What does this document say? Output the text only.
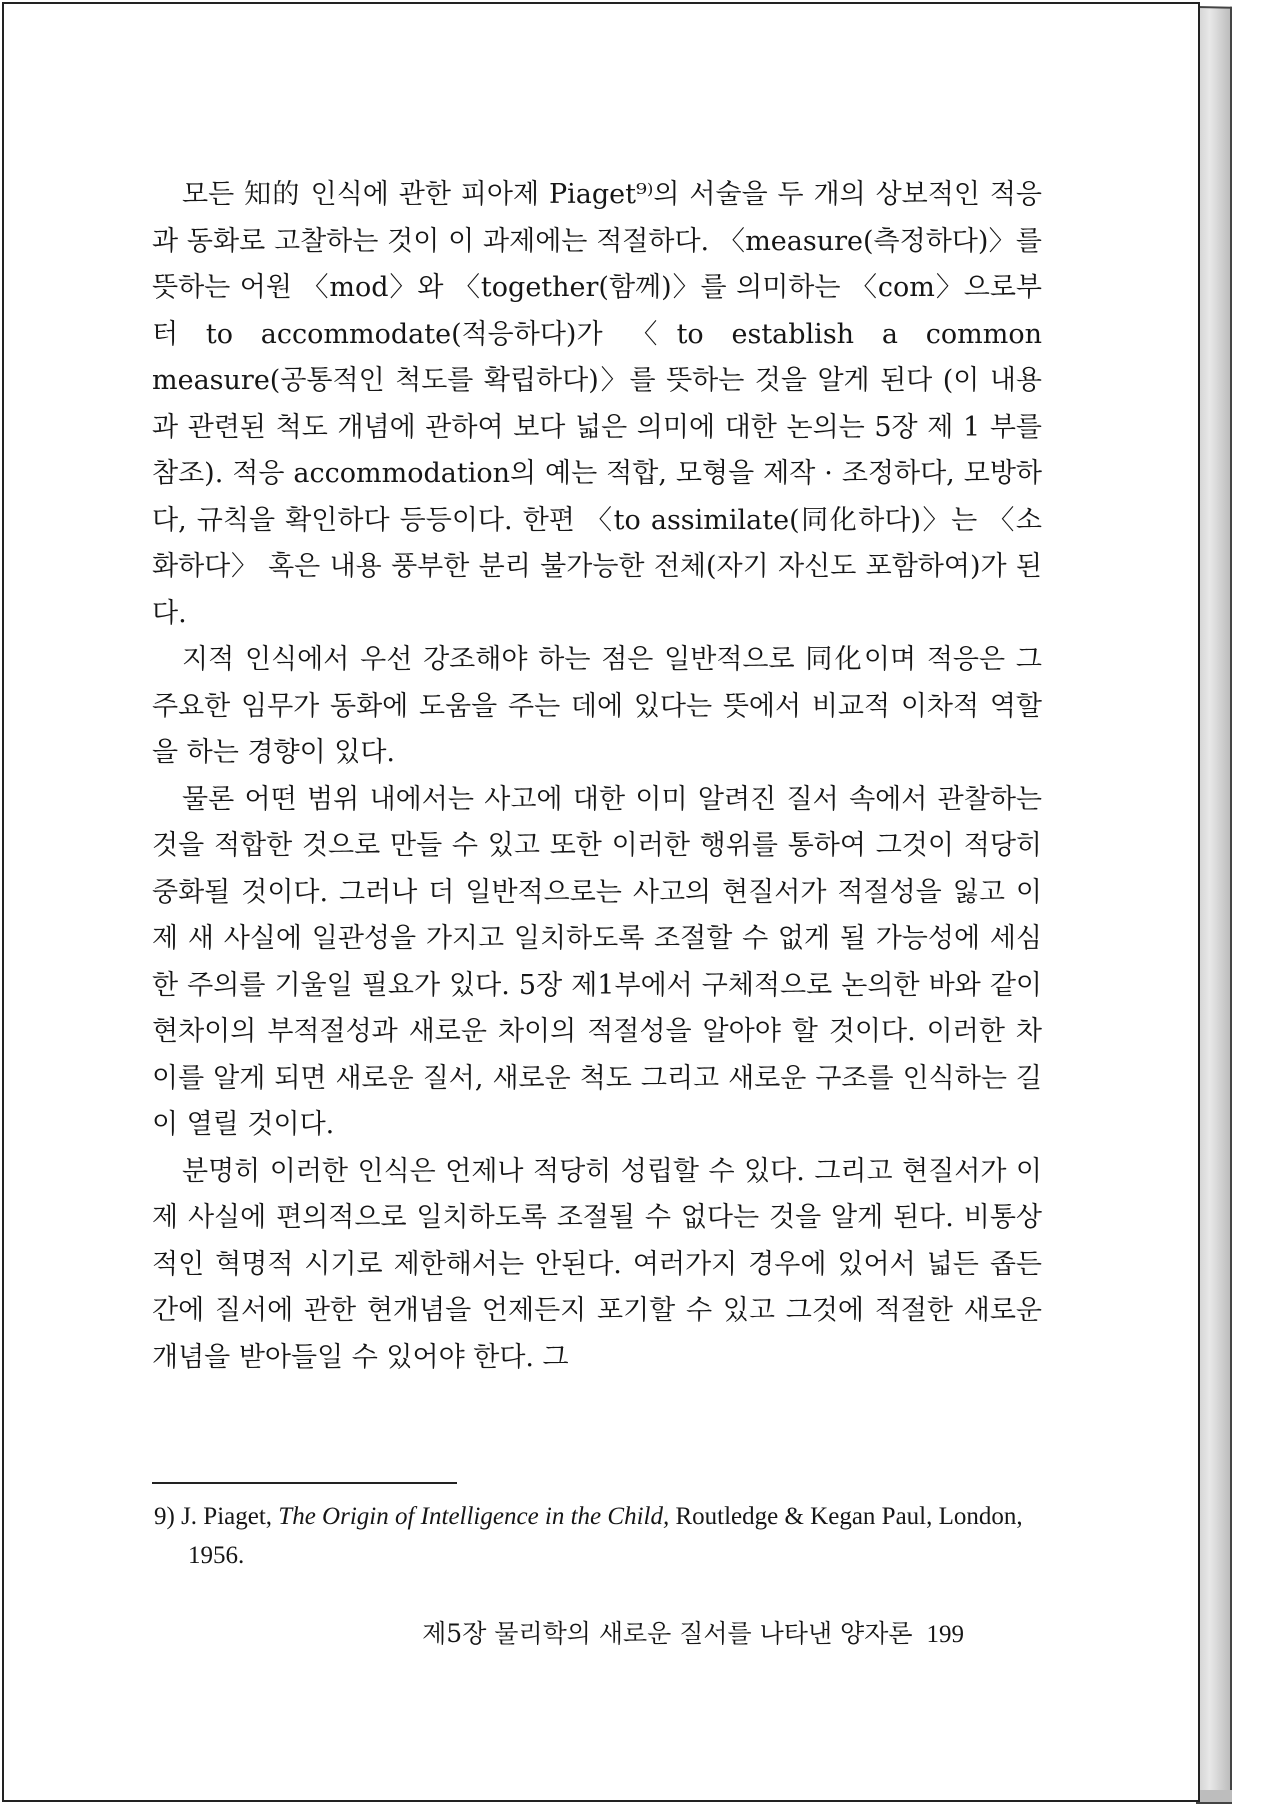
모든 知的 인식에 관한 피아제 Piaget⁹⁾의 서술을 두 개의 상보적인 적응과 동화로 고찰하는 것이 이 과제에는 적절하다. 〈measure(측정하다)〉를 뜻하는 어원 〈mod〉와 〈together(함께)〉를 의미하는 〈com〉으로부터 to accommodate(적응하다)가 〈to establish a common measure(공통적인 척도를 확립하다)〉를 뜻하는 것을 알게 된다 (이 내용과 관련된 척도 개념에 관하여 보다 넓은 의미에 대한 논의는 5장 제 1 부를 참조). 적응 accommodation의 예는 적합, 모형을 제작 · 조정하다, 모방하다, 규칙을 확인하다 등등이다. 한편 〈to assimilate(同化하다)〉는 〈소화하다〉 혹은 내용 풍부한 분리 불가능한 전체(자기 자신도 포함하여)가 된다.

지적 인식에서 우선 강조해야 하는 점은 일반적으로 同化이며 적응은 그 주요한 임무가 동화에 도움을 주는 데에 있다는 뜻에서 비교적 이차적 역할을 하는 경향이 있다.

물론 어떤 범위 내에서는 사고에 대한 이미 알려진 질서 속에서 관찰하는 것을 적합한 것으로 만들 수 있고 또한 이러한 행위를 통하여 그것이 적당히 중화될 것이다. 그러나 더 일반적으로는 사고의 현질서가 적절성을 잃고 이제 새 사실에 일관성을 가지고 일치하도록 조절할 수 없게 될 가능성에 세심한 주의를 기울일 필요가 있다. 5장 제1부에서 구체적으로 논의한 바와 같이 현차이의 부적절성과 새로운 차이의 적절성을 알아야 할 것이다. 이러한 차이를 알게 되면 새로운 질서, 새로운 척도 그리고 새로운 구조를 인식하는 길이 열릴 것이다.

분명히 이러한 인식은 언제나 적당히 성립할 수 있다. 그리고 현질서가 이제 사실에 편의적으로 일치하도록 조절될 수 없다는 것을 알게 된다. 비통상적인 혁명적 시기로 제한해서는 안된다. 여러가지 경우에 있어서 넓든 좁든 간에 질서에 관한 현개념을 언제든지 포기할 수 있고 그것에 적절한 새로운 개념을 받아들일 수 있어야 한다. 그

9) J. Piaget, The Origin of Intelligence in the Child, Routledge & Kegan Paul, London, 1956.
제5장 물리학의 새로운 질서를 나타낸 양자론 199
